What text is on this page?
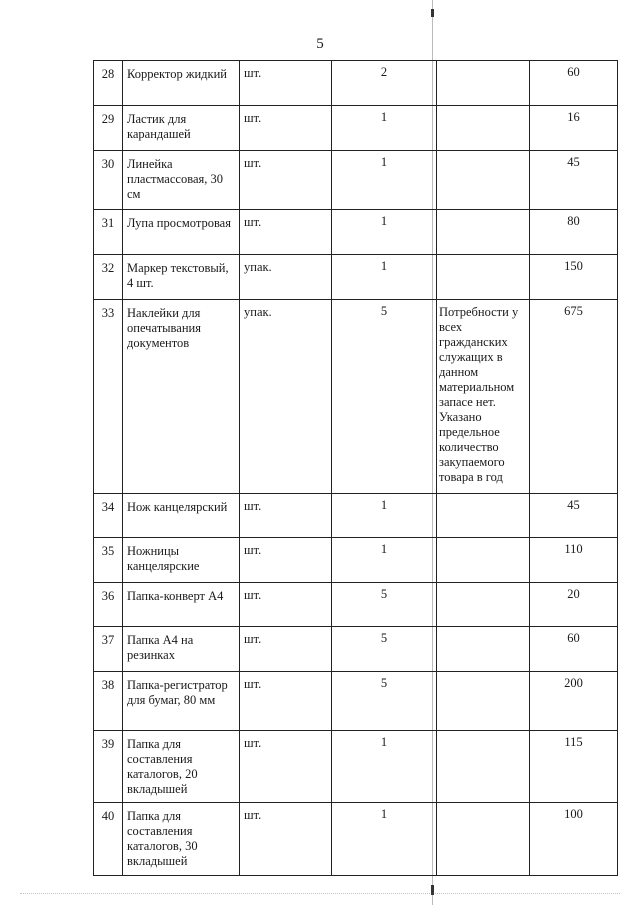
5
28	Корректор жидкий	шт.	2		60
29	Ластик для карандашей	шт.	1		16
30	Линейка пластмассовая, 30 см	шт.	1		45
31	Лупа просмотровая	шт.	1		80
32	Маркер текстовый, 4 шт.	упак.	1		150
33	Наклейки для опечатывания документов	упак.	5	Потребности у всех гражданских служащих в данном материальном запасе нет. Указано предельное количество закупаемого товара в год	675
34	Нож канцелярский	шт.	1		45
35	Ножницы канцелярские	шт.	1		110
36	Папка-конверт А4	шт.	5		20
37	Папка А4 на резинках	шт.	5		60
38	Папка-регистратор для бумаг, 80 мм	шт.	5		200
39	Папка для составления каталогов, 20 вкладышей	шт.	1		115
40	Папка для составления каталогов, 30 вкладышей	шт.	1		100
